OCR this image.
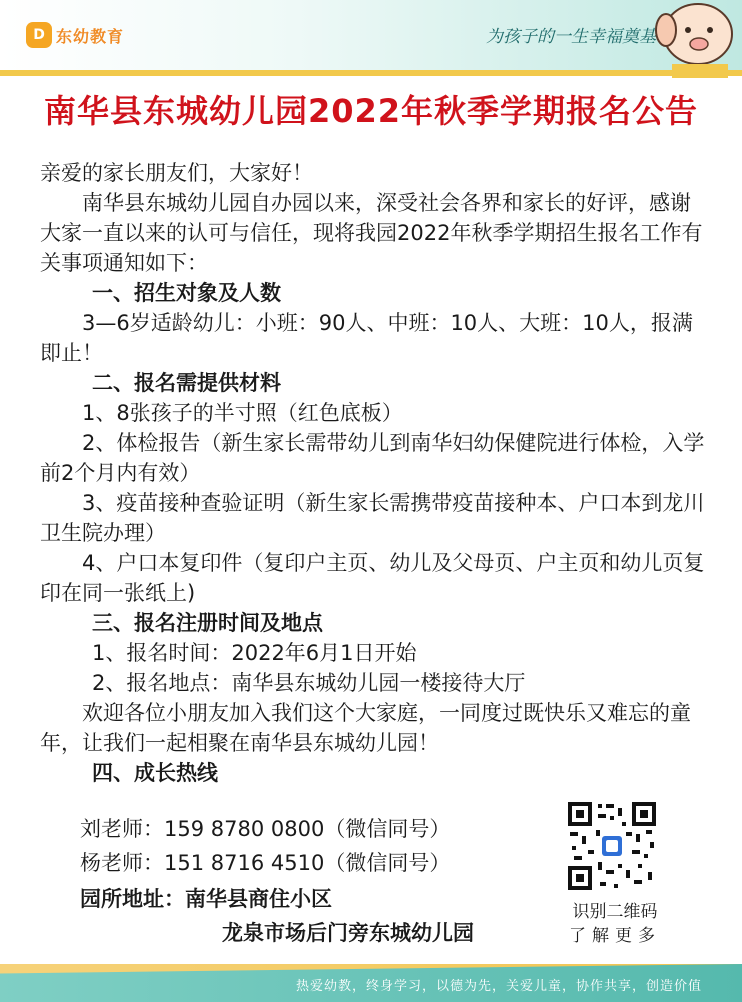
D 东幼教育	为孩子的一生幸福奠基
南华县东城幼儿园2022年秋季学期报名公告

亲爱的家长朋友们，大家好！

南华县东城幼儿园自办园以来，深受社会各界和家长的好评，感谢大家一直以来的认可与信任，现将我园2022年秋季学期招生报名工作有关事项通知如下：

一、招生对象及人数

3—6岁适龄幼儿：小班：90人、中班：10人、大班：10人，报满即止！

二、报名需提供材料

1、8张孩子的半寸照（红色底板）

2、体检报告（新生家长需带幼儿到南华妇幼保健院进行体检，入学前2个月内有效）

3、疫苗接种查验证明（新生家长需携带疫苗接种本、户口本到龙川卫生院办理）

4、户口本复印件（复印户主页、幼儿及父母页、户主页和幼儿页复印在同一张纸上)

三、报名注册时间及地点

1、报名时间：2022年6月1日开始

2、报名地点：南华县东城幼儿园一楼接待大厅

欢迎各位小朋友加入我们这个大家庭，一同度过既快乐又难忘的童年，让我们一起相聚在南华县东城幼儿园！

四、成长热线

刘老师：159 8780 0800（微信同号）

杨老师：151 8716 4510（微信同号）

园所地址：南华县商住小区

龙泉市场后门旁东城幼儿园

识别二维码

了解更多

热爱幼教，终身学习，以德为先，关爱儿童，协作共享，创造价值
